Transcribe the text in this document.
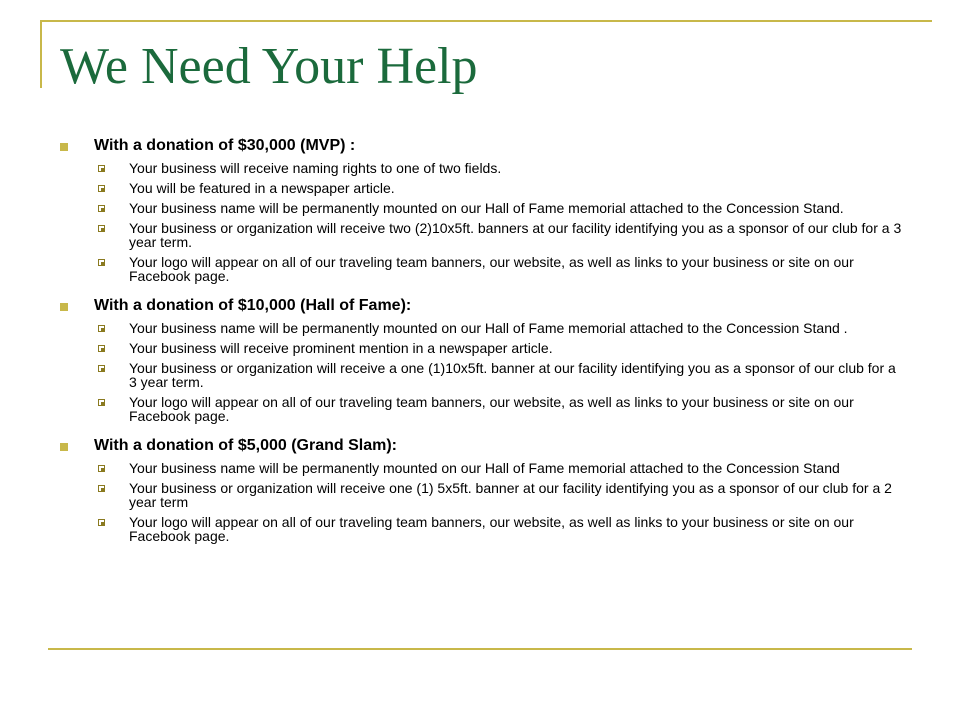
We Need Your Help
With a donation of $30,000 (MVP) :
Your business will receive naming rights to one of two fields.
You will be featured in a newspaper article.
Your business name will be permanently mounted on our Hall of Fame memorial attached to the Concession Stand.
Your business or organization will receive two (2)10x5ft. banners at our facility identifying you as a sponsor of our club for a 3 year term.
Your logo will appear on all of our traveling team banners, our website, as well as links to your business or site on our Facebook page.
With a donation of $10,000 (Hall of Fame):
Your business name will be permanently mounted on our Hall of Fame memorial attached to the Concession Stand .
Your business will receive prominent mention in a newspaper article.
Your business or organization will receive a one (1)10x5ft. banner at our facility identifying you as a sponsor of our club for a 3 year term.
Your logo will appear on all of our traveling team banners, our website, as well as links to your business or site on our Facebook page.
With a donation of $5,000 (Grand Slam):
Your business name will be permanently mounted on our Hall of Fame memorial attached to the Concession Stand
Your business or organization will receive one (1) 5x5ft. banner at our facility identifying you as a sponsor of our club for a 2 year term
Your logo will appear on all of our traveling team banners, our website, as well as links to your business or site on our Facebook page.
